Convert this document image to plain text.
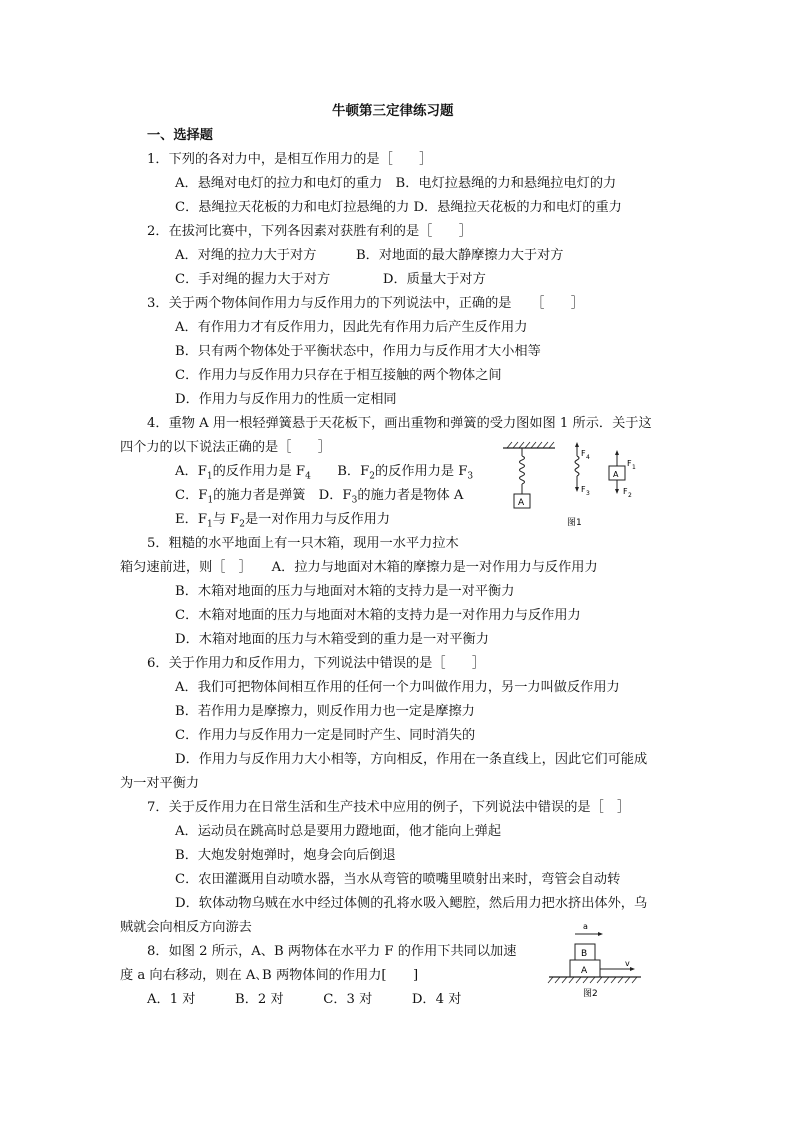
牛顿第三定律练习题
一、选择题
1．下列的各对力中，是相互作用力的是［　　］
A．悬绳对电灯的拉力和电灯的重力　B．电灯拉悬绳的力和悬绳拉电灯的力
C．悬绳拉天花板的力和电灯拉悬绳的力 D．悬绳拉天花板的力和电灯的重力
2．在拔河比赛中，下列各因素对获胜有利的是［　　］
A．对绳的拉力大于对方　　　B．对地面的最大静摩擦力大于对方
C．手对绳的握力大于对方　　　　D．质量大于对方
3．关于两个物体间作用力与反作用力的下列说法中，正确的是　　［　　］
A．有作用力才有反作用力，因此先有作用力后产生反作用力
B．只有两个物体处于平衡状态中，作用力与反作用才大小相等
C．作用力与反作用力只存在于相互接触的两个物体之间
D．作用力与反作用力的性质一定相同
4．重物 A 用一根轻弹簧悬于天花板下，画出重物和弹簧的受力图如图 1 所示．关于这
四个力的以下说法正确的是［　　］
A．$F_1$的反作用力是 $F_4$　　 B．$F_2$的反作用力是 $F_3$
C．$F_1$的施力者是弹簧　 D．$F_3$的施力者是物体 A
E．$F_1$与 $F_2$是一对作用力与反作用力
A
F 4
F 3
A
F 1
F 2
图1
5．粗糙的水平地面上有一只木箱，现用一水平力拉木
箱匀速前进，则［　］　　A．拉力与地面对木箱的摩擦力是一对作用力与反作用力
B．木箱对地面的压力与地面对木箱的支持力是一对平衡力
C．木箱对地面的压力与地面对木箱的支持力是一对作用力与反作用力
D．木箱对地面的压力与木箱受到的重力是一对平衡力
6．关于作用力和反作用力，下列说法中错误的是［　　］
A．我们可把物体间相互作用的任何一个力叫做作用力，另一力叫做反作用力
B．若作用力是摩擦力，则反作用力也一定是摩擦力
C．作用力与反作用力一定是同时产生、同时消失的
D．作用力与反作用力大小相等，方向相反，作用在一条直线上，因此它们可能成
为一对平衡力
7．关于反作用力在日常生活和生产技术中应用的例子，下列说法中错误的是［　］
A．运动员在跳高时总是要用力蹬地面，他才能向上弹起
B．大炮发射炮弹时，炮身会向后倒退
C．农田灌溉用自动喷水器，当水从弯管的喷嘴里喷射出来时，弯管会自动转
D．软体动物乌贼在水中经过体侧的孔将水吸入鳃腔，然后用力把水挤出体外，乌
贼就会向相反方向游去
8．如图 2 所示，A、B 两物体在水平力 F 的作用下共同以加速
度 a 向右移动，则在 A､B 两物体间的作用力[　　]
A．1 对　　　B．2 对　　　C．3 对　　　D．4 对
a
B
A
v
图2
